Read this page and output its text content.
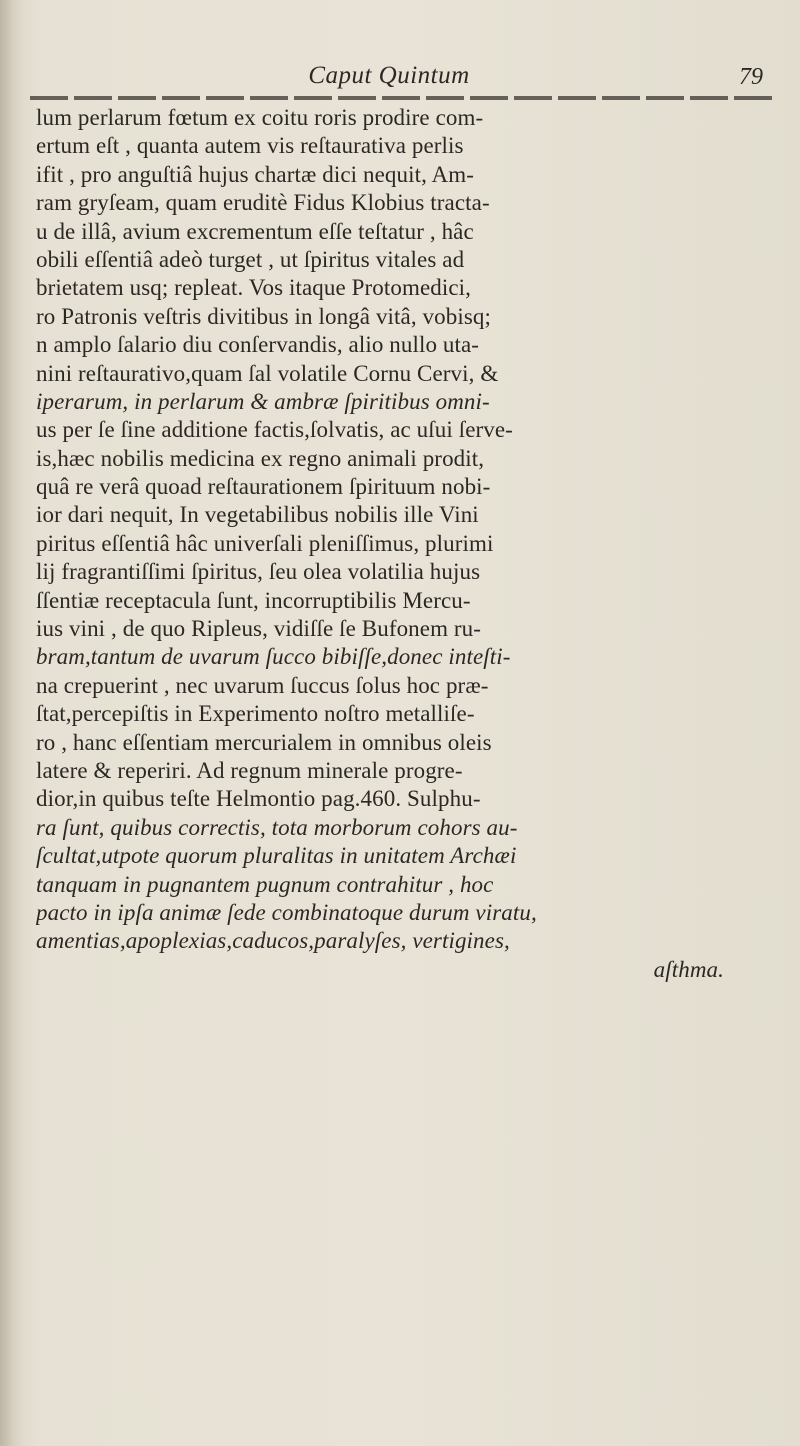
Caput Quintum	79
lum perlarum fœtum ex coitu roris prodire com-
ertum eſt , quanta autem vis reſtaurativa perlis
ifit , pro anguſtiâ hujus chartæ dici nequit, Am-
ram gryſeam, quam eruditè Fidus Klobius tracta-
u de illâ, avium excrementum eſſe teſtatur , hâc
obili eſſentiâ adeò turget , ut ſpiritus vitales ad
brietatem usq; repleat. Vos itaque Protomedici,
ro Patronis veſtris divitibus in longâ vitâ, vobisq;
n amplo ſalario diu conſervandis, alio nullo uta-
nini reſtaurativo,quam ſal volatile Cornu Cervi, &
iperarum, in perlarum & ambræ ſpiritibus omni-
us per ſe ſine additione factis,ſolvatis, ac uſui ſerve-
is,hæc nobilis medicina ex regno animali prodit,
quâ re verâ quoad reſtaurationem ſpirituum nobi-
ior dari nequit, In vegetabilibus nobilis ille Vini
piritus eſſentiâ hâc univerſali pleniſſimus, plurimi
lij fragrantiſſimi ſpiritus, ſeu olea volatilia hujus
ſſentiæ receptacula ſunt, incorruptibilis Mercu-
ius vini , de quo Ripleus, vidiſſe ſe Bufonem ru-
bram,tantum de uvarum ſucco bibiſſe,donec inteſti-
na crepuerint , nec uvarum ſuccus ſolus hoc præ-
ſtat,percepiſtis in Experimento noſtro metalliſe-
ro , hanc eſſentiam mercurialem in omnibus oleis
latere & reperiri. Ad regnum minerale progre-
dior,in quibus teſte Helmontio pag.460. Sulphu-
ra ſunt, quibus correctis, tota morborum cohors au-
ſcultat,utpote quorum pluralitas in unitatem Archæi
tanquam in pugnantem pugnum contrahitur , hoc
pacto in ipſa animæ ſede combinatoque durum viratu,
amentias,apoplexias,caducos,paralyſes, vertigines,
aſthma.
